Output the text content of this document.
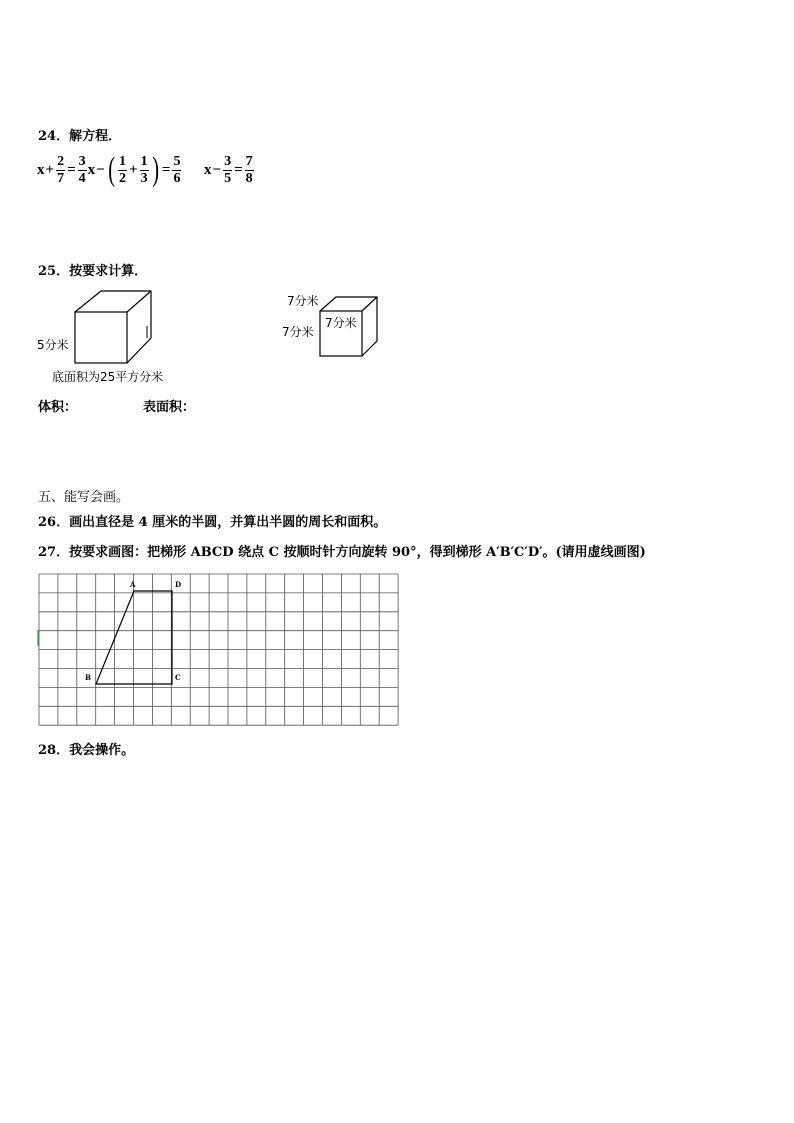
24．解方程．
$x + \frac{2}{7} = \frac{3}{4}$ x − ( $\frac{1}{2} + \frac{1}{3}$ ) = $\frac{5}{6}$ $x - \frac{3}{5} = \frac{7}{8}$
25．按要求计算．
5分米
底面积为25平方分米
7分米
7分米
7分米
体积：	表面积：
五、能写会画。
26．画出直径是 4 厘米的半圆，并算出半圆的周长和面积。
27．按要求画图：把梯形 ABCD 绕点 C 按顺时针方向旋转 90°，得到梯形 A′B′C′D′。(请用虚线画图)
A	D
B	C
28．我会操作。
